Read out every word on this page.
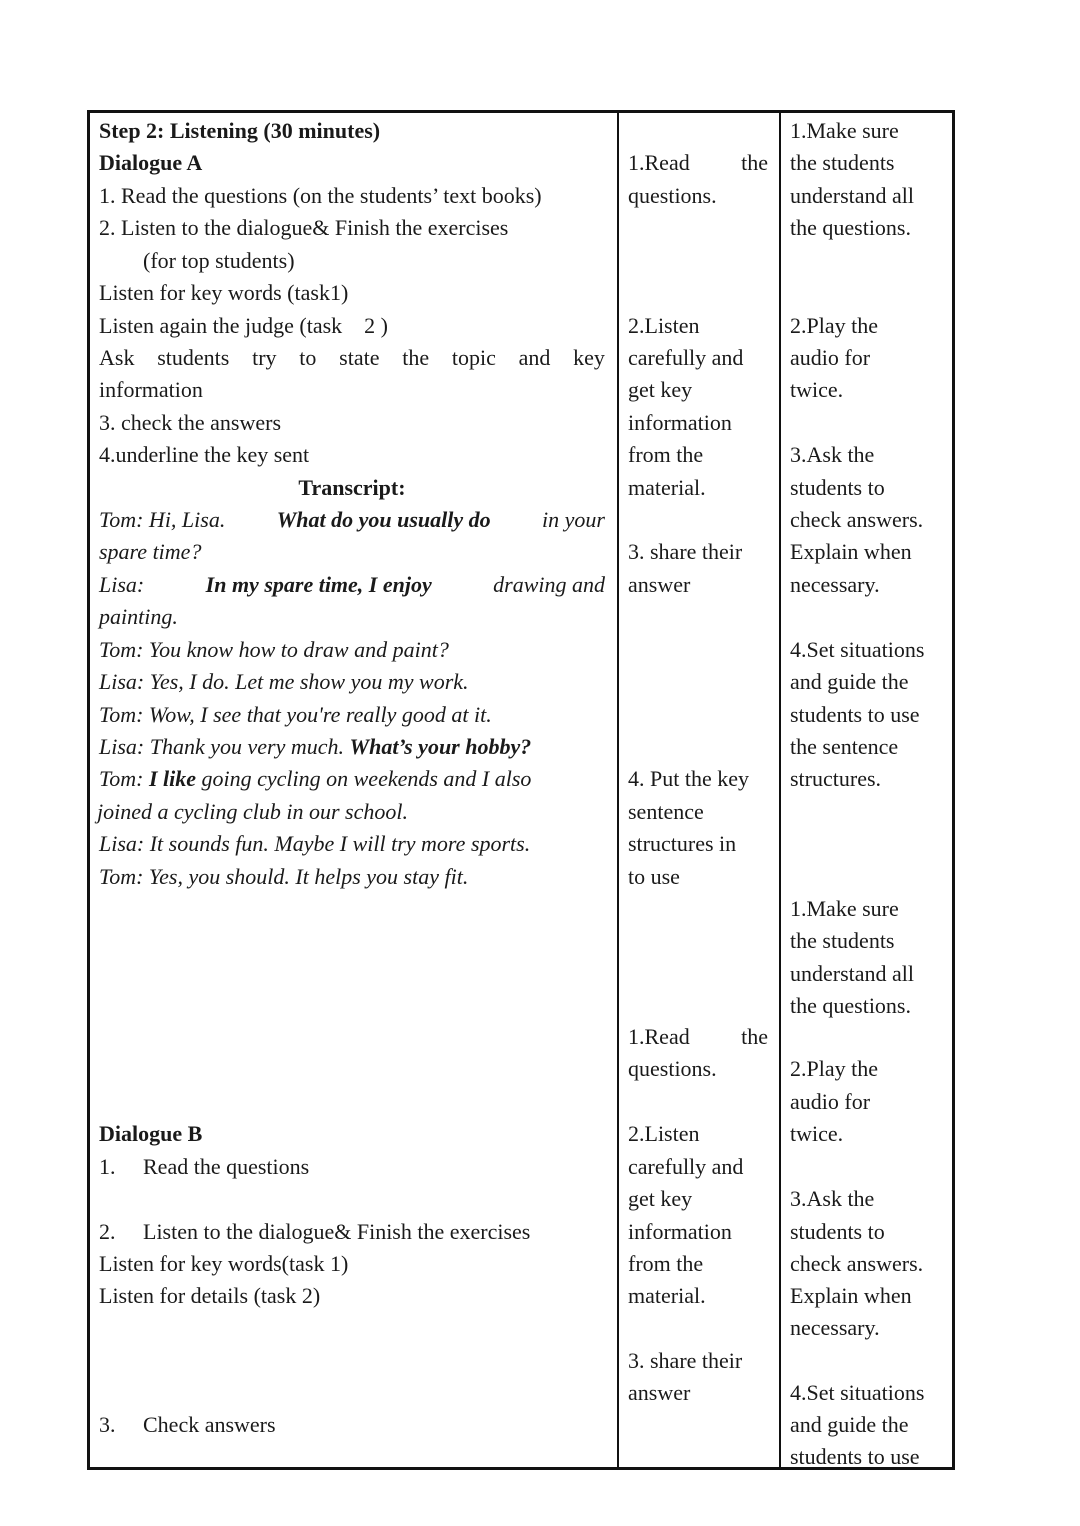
Step 2: Listening (30 minutes)
Dialogue A
1. Read the questions (on the students’ text books)
2. Listen to the dialogue& Finish the exercises
(for top students)
Listen for key words (task1)
Listen again the judge (task　2 )
Ask students try to state the topic and key
information
3. check the answers
4.underline the key sent
Transcript:
Tom: Hi, Lisa. What do you usually do in your
spare time?
Lisa:	In my spare time, I enjoy	drawing and
painting.
Tom: You know how to draw and paint?
Lisa: Yes, I do. Let me show you my work.
Tom: Wow, I see that you're really good at it.
Lisa: Thank you very much. What’s your hobby?
Tom: I like going cycling on weekends and I also
joined a cycling club in our school.
Lisa: It sounds fun. Maybe I will try more sports.
Tom: Yes, you should. It helps you stay fit.
Dialogue B
1. Read the questions
2. Listen to the dialogue& Finish the exercises
Listen for key words(task 1)
Listen for details (task 2)
3. Check answers
1.Read the
questions.
2.Listen
carefully and
get key
information
from the
material.
3. share their
answer
4. Put the key
sentence
structures in
to use
1.Read the
questions.
2.Listen
carefully and
get key
information
from the
material.
3. share their
answer
1.Make sure
the students
understand all
the questions.
2.Play the
audio for
twice.
3.Ask the
students to
check answers.
Explain when
necessary.
4.Set situations
and guide the
students to use
the sentence
structures.
1.Make sure
the students
understand all
the questions.
2.Play the
audio for
twice.
3.Ask the
students to
check answers.
Explain when
necessary.
4.Set situations
and guide the
students to use
